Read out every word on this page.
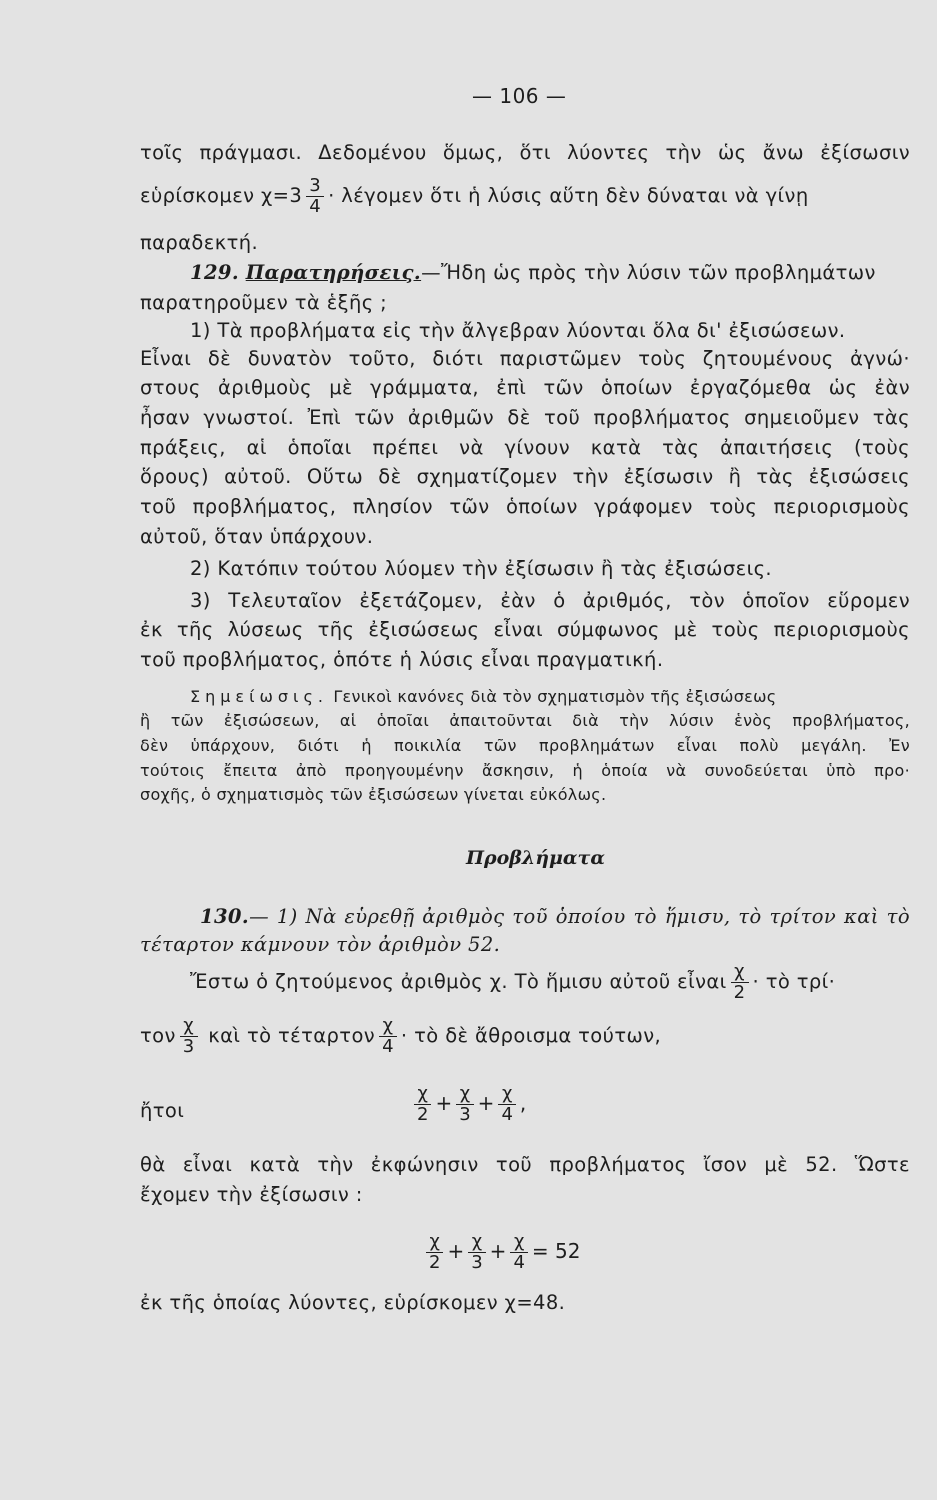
— 106 —
τοῖς πράγμασι. Δεδομένου ὅμως, ὅτι λύοντες τὴν ὡς ἄνω ἐξίσωσιν
εὑρίσκομεν $\chi=3 \frac{3}{4} \cdot \lambda έ\gamma o\mu\varepsilon\nu$ ὅτι ἡ λύσις αὕτη δὲν δύναται νὰ γίνῃ
παραδεκτή.
129. Παρατηρήσεις.—Ἤδη ὡς πρὸς τὴν λύσιν τῶν προβλημάτων
παρατηροῦμεν τὰ ἑξῆς ;
1) Τὰ προβλήματα εἰς τὴν ἄλγεβραν λύονται ὅλα δι' ἐξισώσεων.
Εἶναι δὲ δυνατὸν τοῦτο, διότι παριστῶμεν τοὺς ζητουμένους ἀγνώ·
στους ἀριθμοὺς μὲ γράμματα, ἐπὶ τῶν ὁποίων ἐργαζόμεθα ὡς ἐὰν
ἦσαν γνωστοί. Ἐπὶ τῶν ἀριθμῶν δὲ τοῦ προβλήματος σημειοῦμεν τὰς
πράξεις, αἱ ὁποῖαι πρέπει νὰ γίνουν κατὰ τὰς ἀπαιτήσεις (τοὺς
ὅρους) αὐτοῦ. Οὕτω δὲ σχηματίζομεν τὴν ἐξίσωσιν ἢ τὰς ἐξισώσεις
τοῦ προβλήματος, πλησίον τῶν ὁποίων γράφομεν τοὺς περιορισμοὺς
αὐτοῦ, ὅταν ὑπάρχουν.
2) Κατόπιν τούτου λύομεν τὴν ἐξίσωσιν ἢ τὰς ἐξισώσεις.
3) Τελευταῖον ἐξετάζομεν, ἐὰν ὁ ἀριθμός, τὸν ὁποῖον εὕρομεν
ἐκ τῆς λύσεως τῆς ἐξισώσεως εἶναι σύμφωνος μὲ τοὺς περιορισμοὺς
τοῦ προβλήματος, ὁπότε ἡ λύσις εἶναι πραγματική.
Σημείωσις. Γενικοὶ κανόνες διὰ τὸν σχηματισμὸν τῆς ἐξισώσεως
ἢ τῶν ἐξισώσεων, αἱ ὁποῖαι ἀπαιτοῦνται διὰ τὴν λύσιν ἑνὸς προβλήματος,
δὲν ὑπάρχουν, διότι ἡ ποικιλία τῶν προβλημάτων εἶναι πολὺ μεγάλη. Ἐν
τούτοις ἔπειτα ἀπὸ προηγουμένην ἄσκησιν, ἡ ὁποία νὰ συνοδεύεται ὑπὸ προ·
σοχῆς, ὁ σχηματισμὸς τῶν ἐξισώσεων γίνεται εὐκόλως.
Προβλήματα
130.— 1) Νὰ εὑρεθῇ ἀριθμὸς τοῦ ὁποίου τὸ ἥμισυ, τὸ τρίτον καὶ τὸ
τέταρτον κάμνουν τὸν ἀριθμὸν 52.
Ἔστω ὁ ζητούμενος ἀριθμὸς χ. Τὸ ἥμισυ αὐτοῦ εἶναι $\frac{\chi}{2}$ · τὸ τρί·
τον $\frac{\chi}{3}$ καὶ τὸ τέταρτον $\frac{\chi}{4}$ · τὸ δὲ ἄθροισμα τούτων,
ἤτοι	$\frac{\chi}{2} + \frac{\chi}{3} + \frac{\chi}{4}$ ,
θὰ εἶναι κατὰ τὴν ἐκφώνησιν τοῦ προβλήματος ἴσον μὲ 52. Ὥστε
ἔχομεν τὴν ἐξίσωσιν :
$\frac{\chi}{2} + \frac{\chi}{3} + \frac{\chi}{4} = 52$
ἐκ τῆς ὁποίας λύοντες, εὑρίσκομεν χ=48.
